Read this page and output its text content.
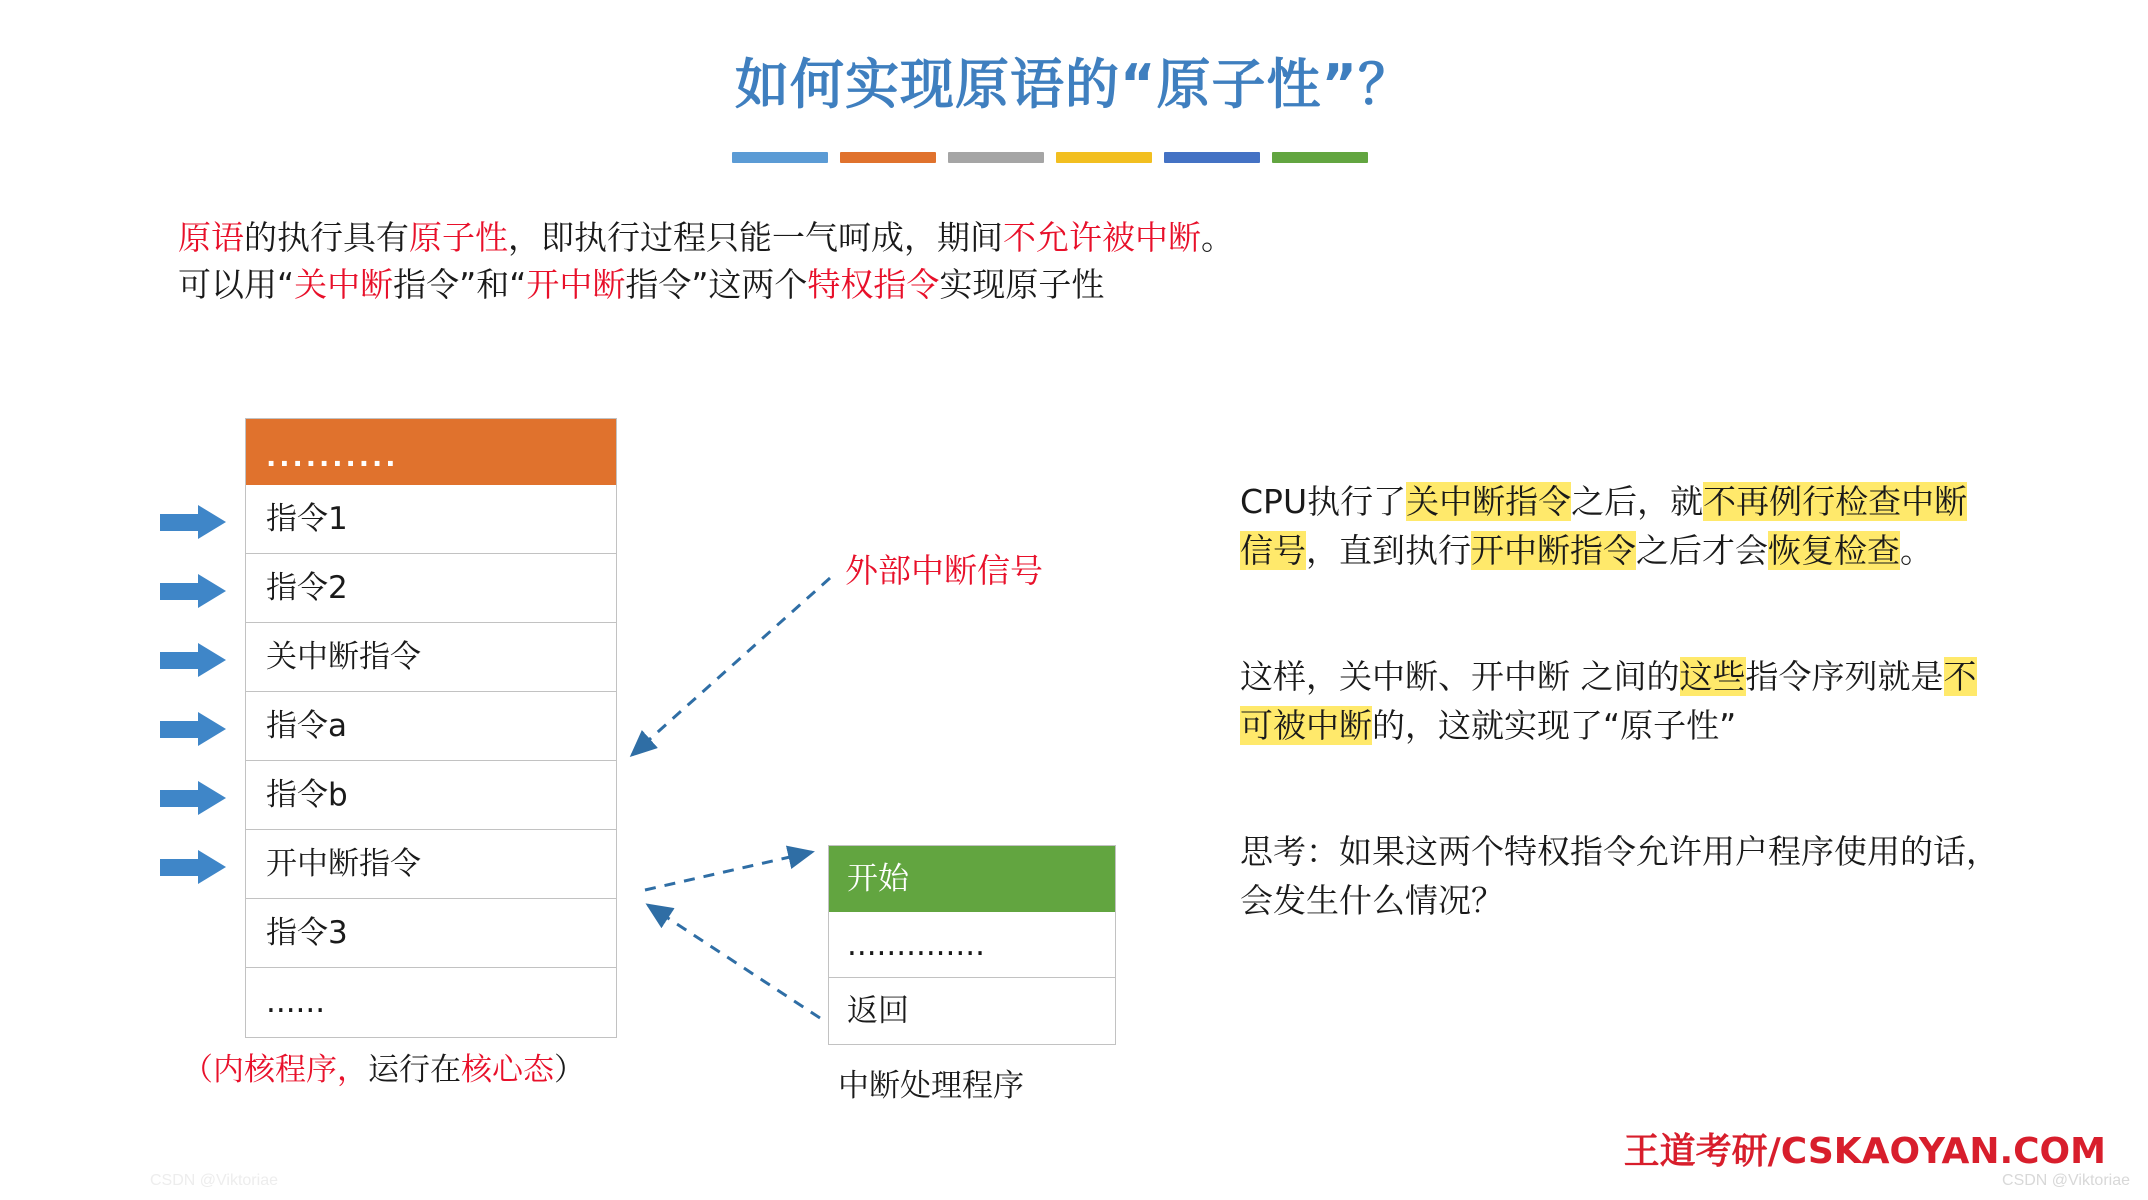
如何实现原语的“原子性”？
原语的执行具有原子性，即执行过程只能一气呵成，期间不允许被中断。
可以用“关中断指令”和“开中断指令”这两个特权指令实现原子性
..........
指令1
指令2
关中断指令
指令a
指令b
开中断指令
指令3
......
（内核程序，运行在核心态）
外部中断信号
开始
..............
返回
中断处理程序

CPU执行了关中断指令之后，就不再例行检查中断信号，直到执行开中断指令之后才会恢复检查。

这样，关中断、开中断 之间的这些指令序列就是不可被中断的，这就实现了“原子性”

思考：如果这两个特权指令允许用户程序使用的话，会发生什么情况？

王道考研/CSKAOYAN.COM
CSDN @Viktoriae
CSDN @Viktoriae
